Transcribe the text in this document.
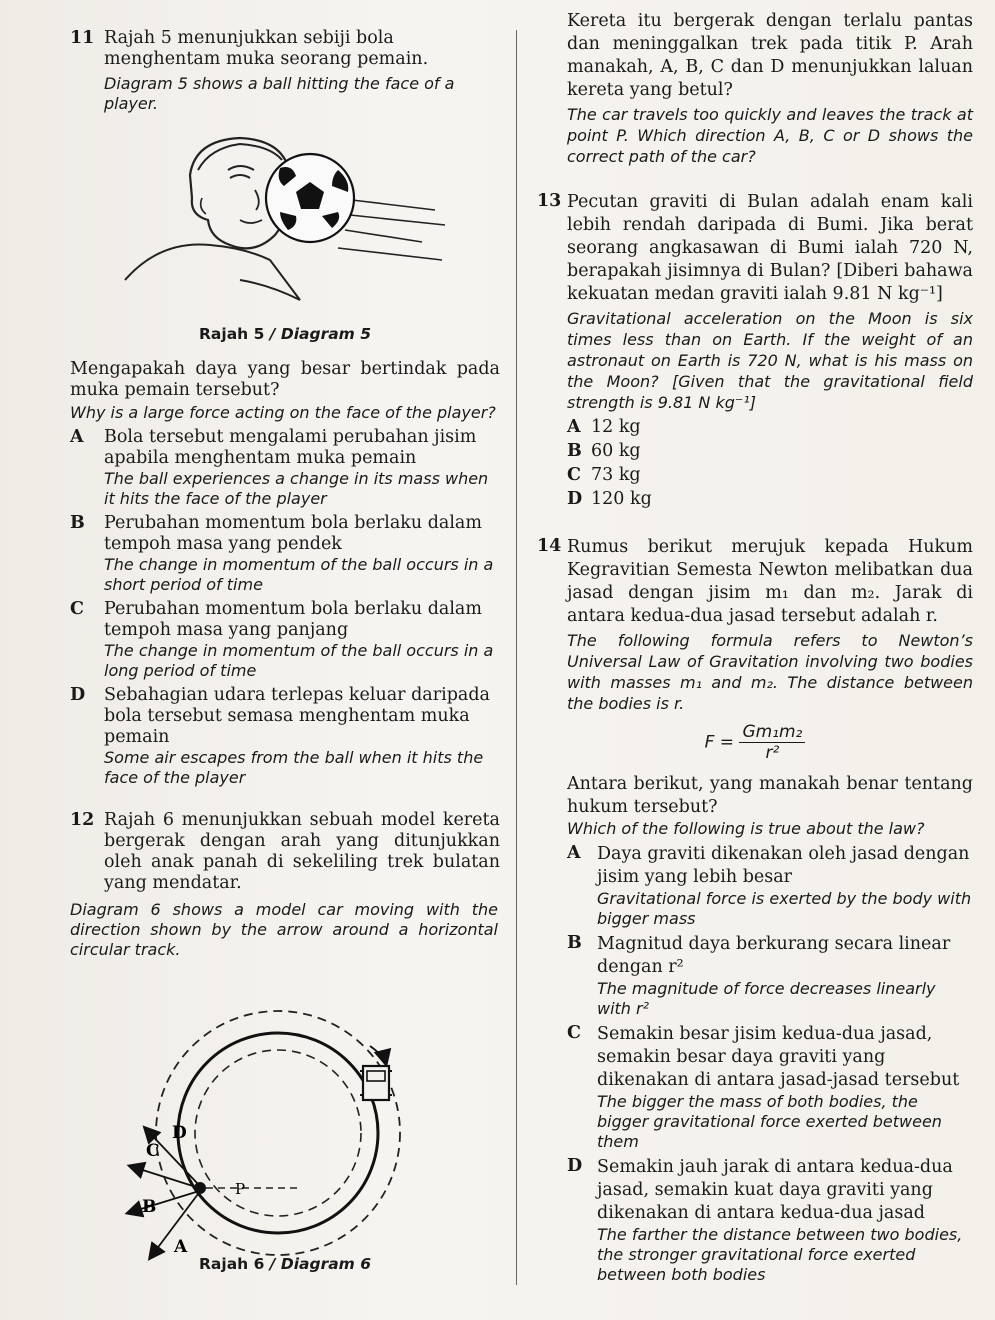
11 Rajah 5 menunjukkan sebiji bola menghentam muka seorang pemain.

Diagram 5 shows a ball hitting the face of a player.

Rajah 5 / Diagram 5

Mengapakah daya yang besar bertindak pada muka pemain tersebut?

Why is a large force acting on the face of the player?

A	Bola tersebut mengalami perubahan jisim apabila menghentam muka pemain

The ball experiences a change in its mass when it hits the face of the player

B	Perubahan momentum bola berlaku dalam tempoh masa yang pendek

The change in momentum of the ball occurs in a short period of time

C	Perubahan momentum bola berlaku dalam tempoh masa yang panjang

The change in momentum of the ball occurs in a long period of time

D	Sebahagian udara terlepas keluar daripada bola tersebut semasa menghentam muka pemain

Some air escapes from the ball when it hits the face of the player

12 Rajah 6 menunjukkan sebuah model kereta bergerak dengan arah yang ditunjukkan oleh anak panah di sekeliling trek bulatan yang mendatar.

Diagram 6 shows a model car moving with the direction shown by the arrow around a horizontal circular track.

P
D
C
B
A

Rajah 6 / Diagram 6

Kereta itu bergerak dengan terlalu pantas dan meninggalkan trek pada titik P. Arah manakah, A, B, C dan D menunjukkan laluan kereta yang betul?

The car travels too quickly and leaves the track at point P. Which direction A, B, C or D shows the correct path of the car?

13 Pecutan graviti di Bulan adalah enam kali lebih rendah daripada di Bumi. Jika berat seorang angkasawan di Bumi ialah 720 N, berapakah jisimnya di Bulan? [Diberi bahawa kekuatan medan graviti ialah 9.81 N kg⁻¹]

Gravitational acceleration on the Moon is six times less than on Earth. If the weight of an astronaut on Earth is 720 N, what is his mass on the Moon? [Given that the gravitational field strength is 9.81 N kg⁻¹]

A 12 kg
B 60 kg
C 73 kg
D 120 kg
14 Rumus berikut merujuk kepada Hukum Kegravitian Semesta Newton melibatkan dua jasad dengan jisim m₁ dan m₂. Jarak di antara kedua-dua jasad tersebut adalah r.

The following formula refers to Newton’s Universal Law of Gravitation involving two bodies with masses m₁ and m₂. The distance between the bodies is r.

$F = \frac{\text{Gm₁m₂}}{\text{r²}}$

Antara berikut, yang manakah benar tentang hukum tersebut?

Which of the following is true about the law?

A Daya graviti dikenakan oleh jasad dengan jisim yang lebih besar

Gravitational force is exerted by the body with bigger mass

B Magnitud daya berkurang secara linear dengan r²

The magnitude of force decreases linearly with r²

C Semakin besar jisim kedua-dua jasad, semakin besar daya graviti yang dikenakan di antara jasad-jasad tersebut

The bigger the mass of both bodies, the bigger gravitational force exerted between them

D Semakin jauh jarak di antara kedua-dua jasad, semakin kuat daya graviti yang dikenakan di antara kedua-dua jasad

The farther the distance between two bodies, the stronger gravitational force exerted between both bodies
